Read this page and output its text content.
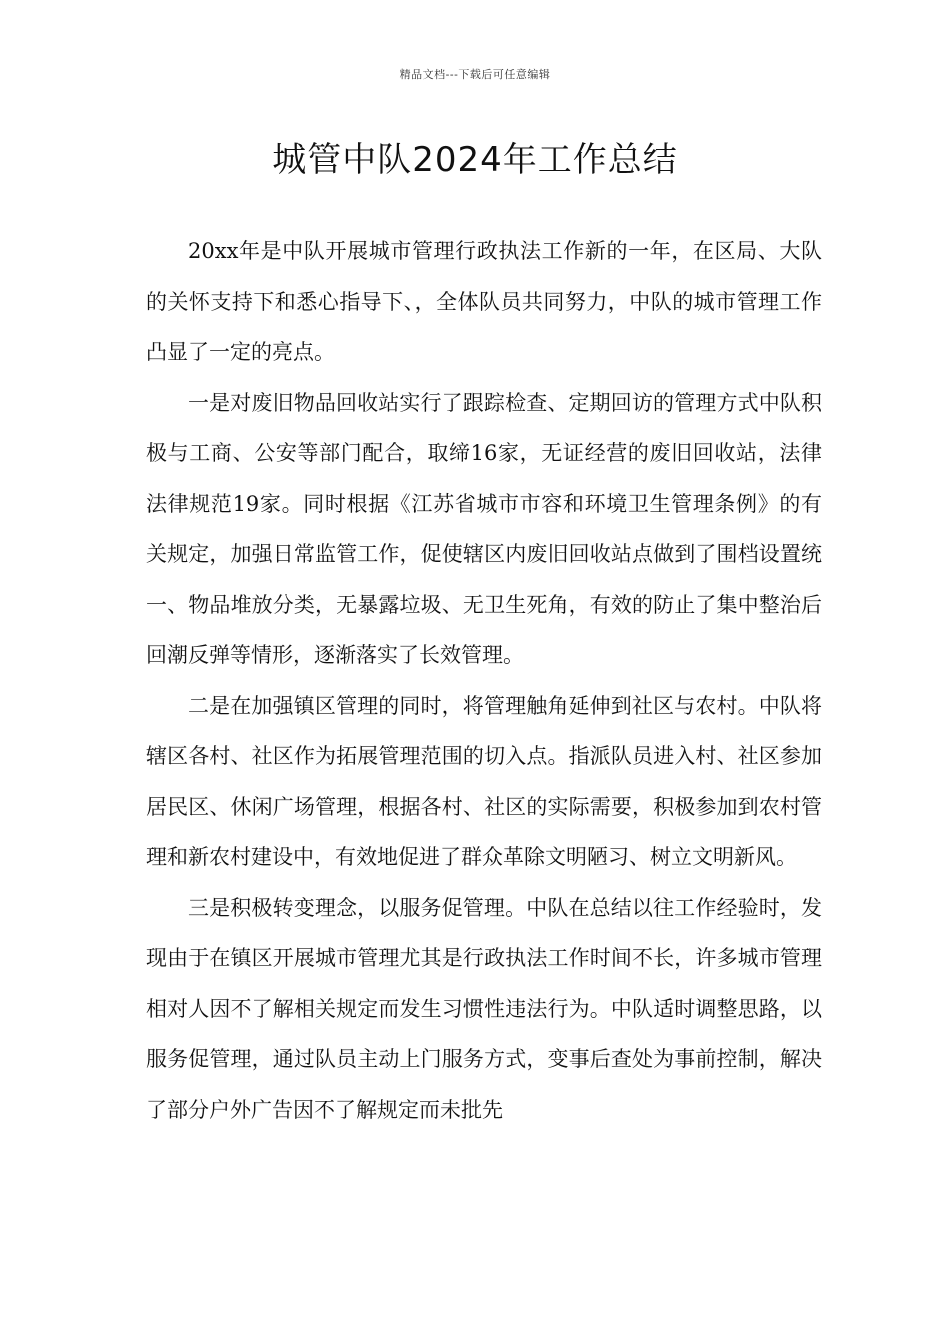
精品文档---下载后可任意编辑
城管中队2024年工作总结

20xx年是中队开展城市管理行政执法工作新的一年，在区局、大队的关怀支持下和悉心指导下、，全体队员共同努力，中队的城市管理工作凸显了一定的亮点。

一是对废旧物品回收站实行了跟踪检查、定期回访的管理方式中队积极与工商、公安等部门配合，取缔16家，无证经营的废旧回收站，法律法律规范19家。同时根据《江苏省城市市容和环境卫生管理条例》的有关规定，加强日常监管工作，促使辖区内废旧回收站点做到了围档设置统一、物品堆放分类，无暴露垃圾、无卫生死角，有效的防止了集中整治后回潮反弹等情形，逐渐落实了长效管理。

二是在加强镇区管理的同时，将管理触角延伸到社区与农村。中队将辖区各村、社区作为拓展管理范围的切入点。指派队员进入村、社区参加居民区、休闲广场管理，根据各村、社区的实际需要，积极参加到农村管理和新农村建设中，有效地促进了群众革除文明陋习、树立文明新风。

三是积极转变理念，以服务促管理。中队在总结以往工作经验时，发现由于在镇区开展城市管理尤其是行政执法工作时间不长，许多城市管理相对人因不了解相关规定而发生习惯性违法行为。中队适时调整思路，以服务促管理，通过队员主动上门服务方式，变事后查处为事前控制，解决了部分户外广告因不了解规定而未批先
